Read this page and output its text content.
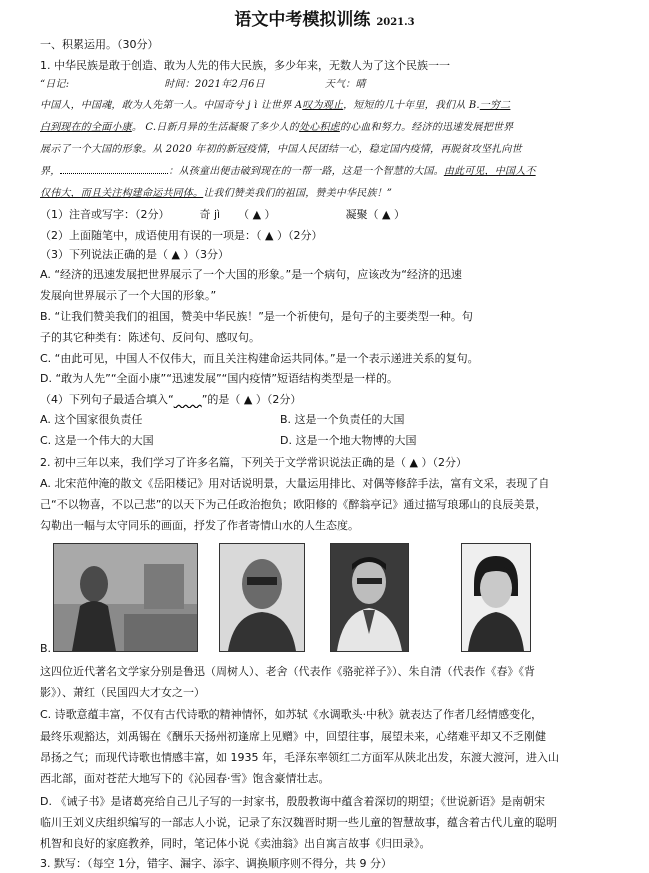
语文中考模拟训练 2021.3
一、积累运用。（30分）
1. 中华民族是敢于创造、敢为人先的伟大民族，多少年来，无数人为了这个民族一一
“日记:	时间：2021年2月6日	天气：晴
中国人，中国魂，敢为人先第一人。中国奇兮 j ì 让世界 A叹为观止，短短的几十年里，我们从 B.一穷二
白到现在的全面小康。 C.日新月异的生活凝聚了多少人的处心积虑的心血和努力。经济的迅速发展把世界
展示了一个大国的形象。从 2020 年初的新冠疫情，中国人民团结一心，稳定国内疫情，再脱贫攻坚扎向世
界，	：从孩童出便击破到现在的一帮一路，这是一个智慧的大国。由此可见，中国人不
仅伟大，而且关注构建命运共同体。让我们赞美我们的祖国，赞美中华民族！”
（1）注音或写字：（2分）	奇 jì （ ▲ ）	凝聚（ ▲ ）
（2）上面随笔中，成语使用有误的一项是：（ ▲ ）（2分）
（3）下列说法正确的是（ ▲ ）（3分）
A. “经济的迅速发展把世界展示了一个大国的形象。”是一个病句，应该改为“经济的迅速
发展向世界展示了一个大国的形象。”
B. “让我们赞美我们的祖国，赞美中华民族！”是一个祈使句，是句子的主要类型一种。句
子的其它种类有：陈述句、反问句、感叹句。
C. “由此可见，中国人不仅伟大，而且关注构建命运共同体。”是一个表示递进关系的复句。
D. “敢为人先”“全面小康”“迅速发展”“国内疫情”短语结构类型是一样的。
（4）下列句子最适合填入“	”的是（ ▲ ）（2分）
A. 这个国家很负责任	B. 这是一个负责任的大国
C. 这是一个伟大的大国	D. 这是一个地大物博的大国
2. 初中三年以来，我们学习了许多名篇，下列关于文学常识说法正确的是（ ▲ ）（2分）
A. 北宋范仲淹的散文《岳阳楼记》用对话说明景，大量运用排比、对偶等修辞手法，富有文采，表现了自
己“不以物喜，不以己悲”的以天下为己任政治抱负；欧阳修的《醉翁亭记》通过描写琅琊山的良辰美景，
勾勒出一幅与太守同乐的画面，抒发了作者寄情山水的人生态度。
B.
这四位近代著名文学家分别是鲁迅（周树人）、老舍（代表作《骆驼祥子》）、朱自清（代表作《春》《背
影》）、萧红（民国四大才女之一）
C. 诗歌意蕴丰富，不仅有古代诗歌的精神情怀，如苏轼《水调歌头·中秋》就表达了作者几经情感变化，
最终乐观豁达，刘禹锡在《酬乐天扬州初逢席上见赠》中，回望往事，展望未来，心绪难平却又不乏刚健
昂扬之气；而现代诗歌也情感丰富，如 1935 年，毛泽东率领红二方面军从陕北出发，东渡大渡河，进入山
西北部，面对苍茫大地写下的《沁园春·雪》饱含豪情壮志。
D. 《诫子书》是诸葛亮给自己儿子写的一封家书，殷殷教诲中蕴含着深切的期望；《世说新语》是南朝宋
临川王刘义庆组织编写的一部志人小说，记录了东汉魏晋时期一些儿童的智慧故事，蕴含着古代儿童的聪明
机智和良好的家庭教养，同时，笔记体小说《卖油翁》出自寓言故事《归田录》。
3. 默写：（每空 1分，错字、漏字、添字、调换顺序则不得分，共 9 分）
